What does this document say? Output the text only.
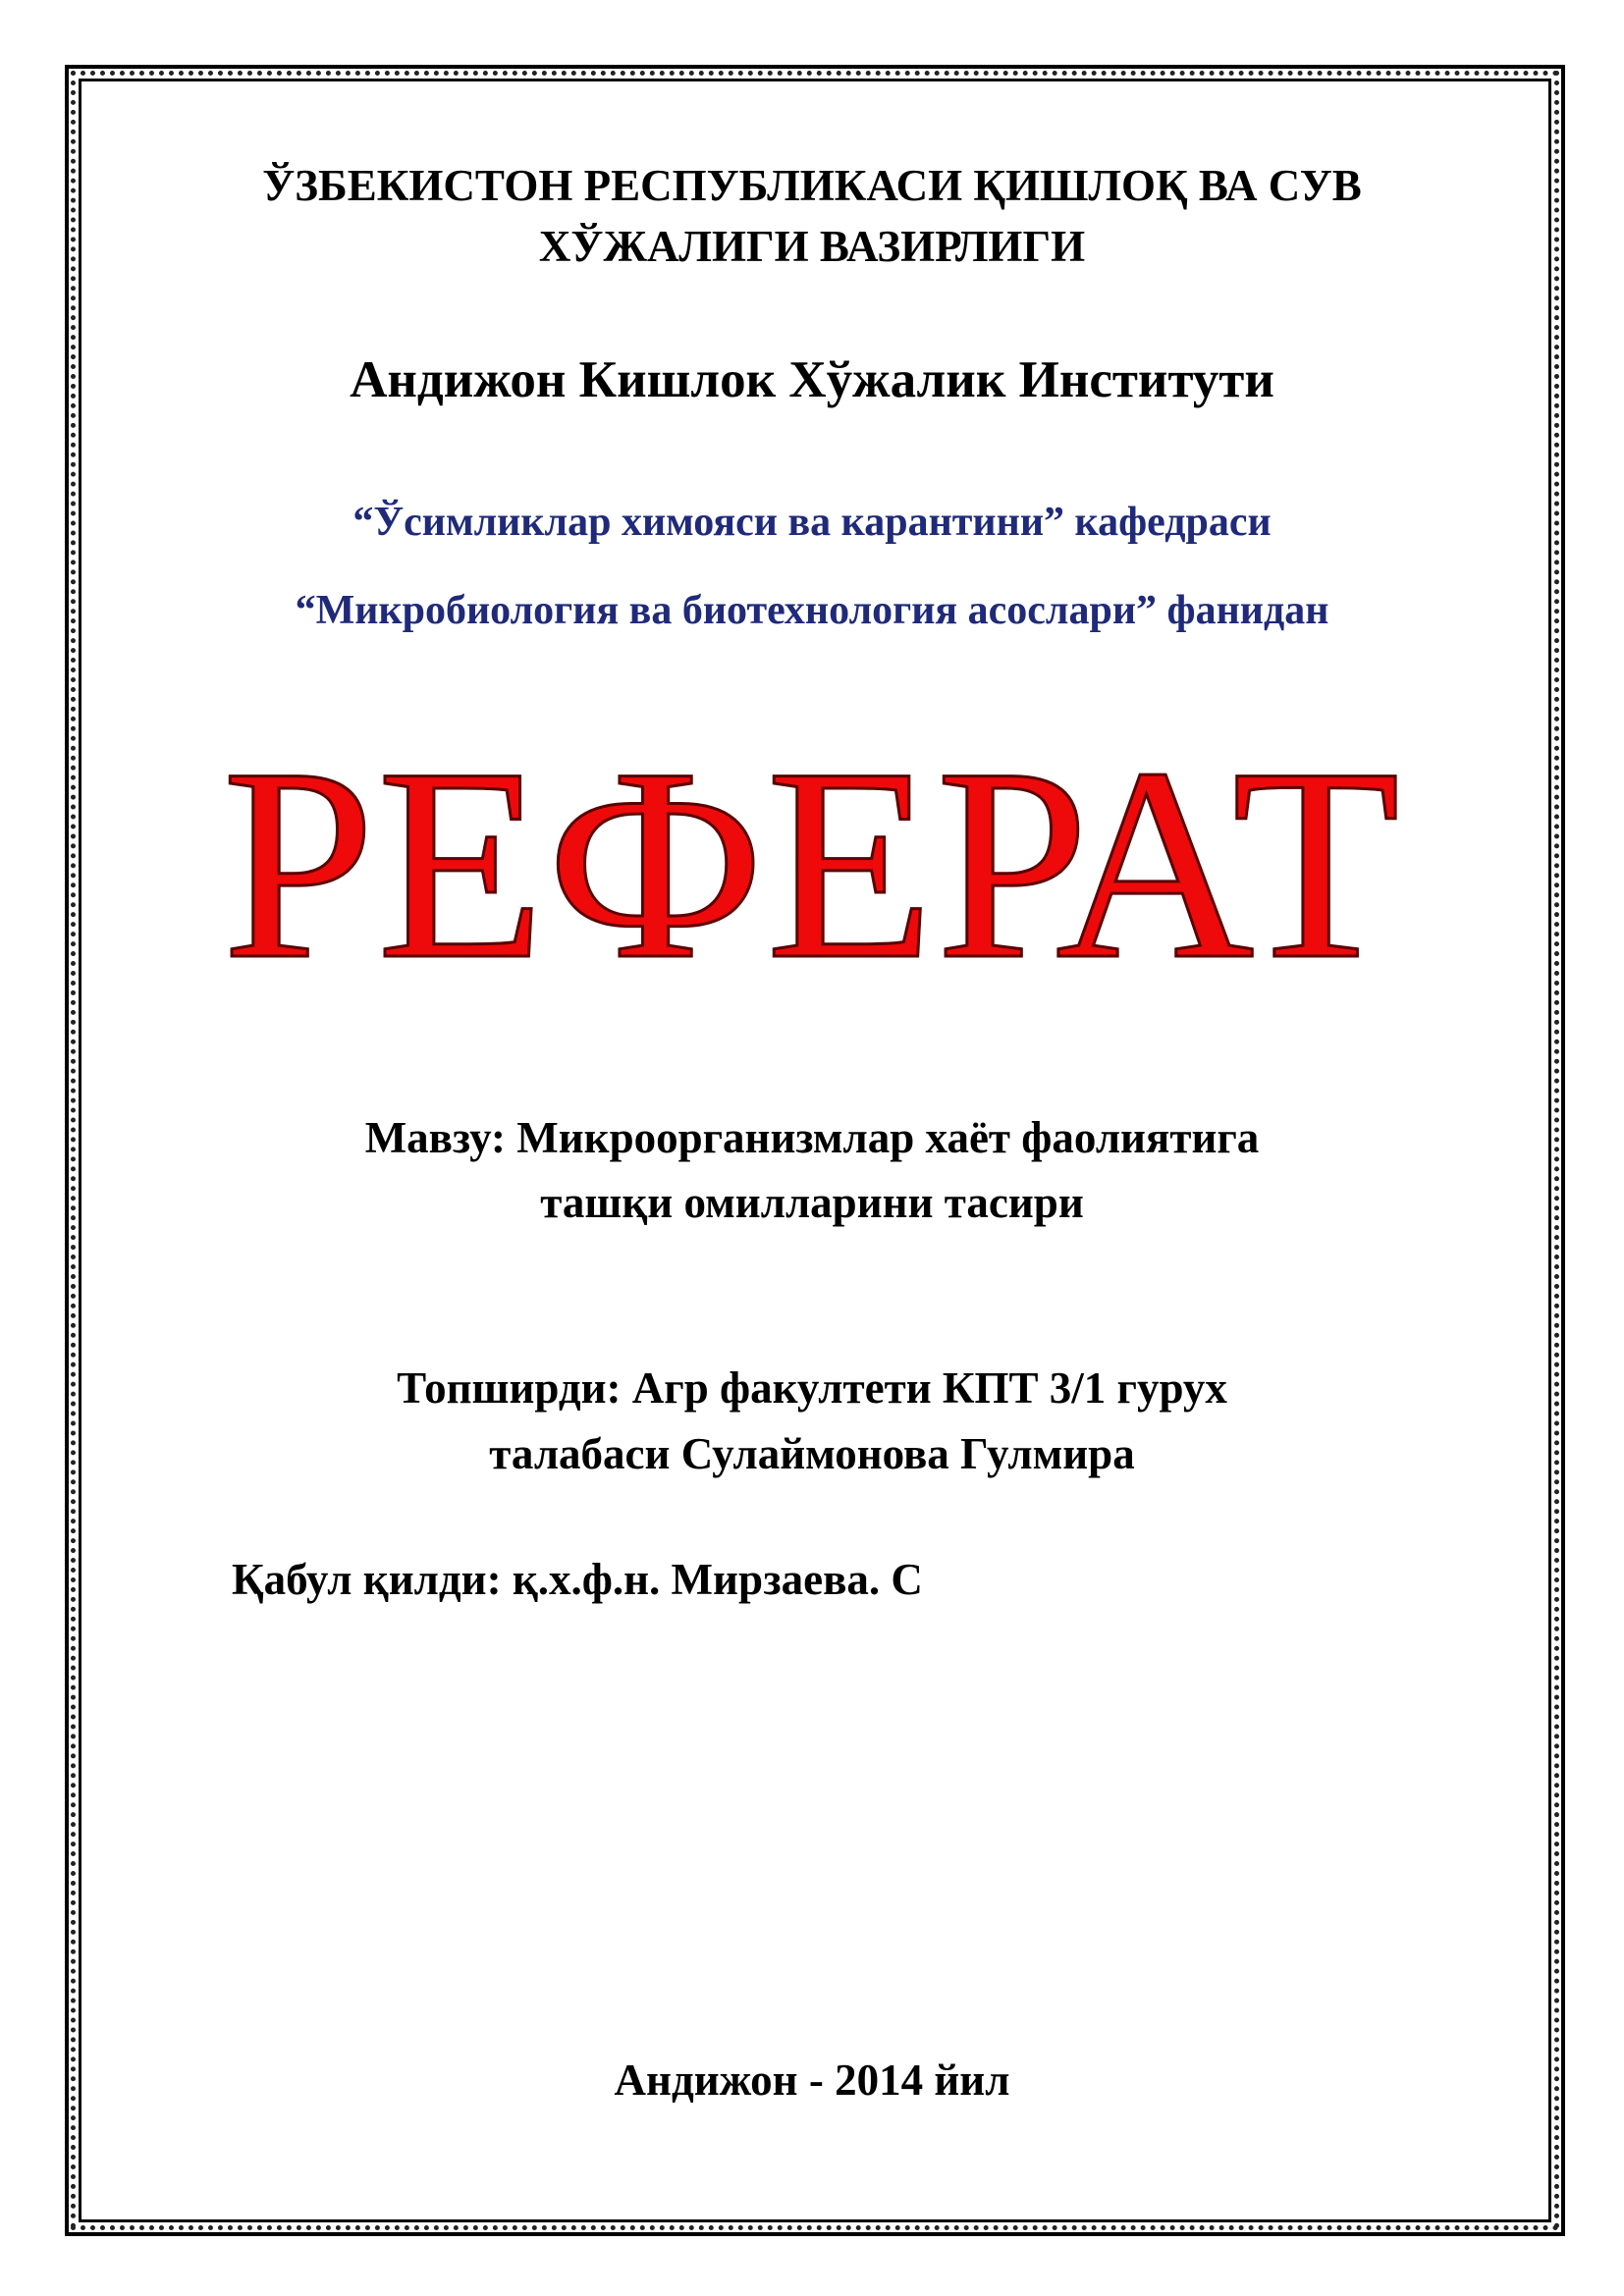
ЎЗБЕКИСТОН РЕСПУБЛИКАСИ ҚИШЛОҚ ВА СУВ
ХЎЖАЛИГИ ВАЗИРЛИГИ
Андижон Кишлок Хўжалик Институти
“Ўсимликлар химояси ва карантини” кафедраси
“Микробиология ва биотехнология асослари” фанидан
РЕФЕРАТ
Мавзу: Микроорганизмлар хаёт фаолиятига
ташқи омилларини тасири
Топширди: Агр факултети КПТ 3/1 гурух
талабаси Сулаймонова Гулмира
Қабул қилди: қ.х.ф.н. Мирзаева. С
Андижон - 2014 йил
